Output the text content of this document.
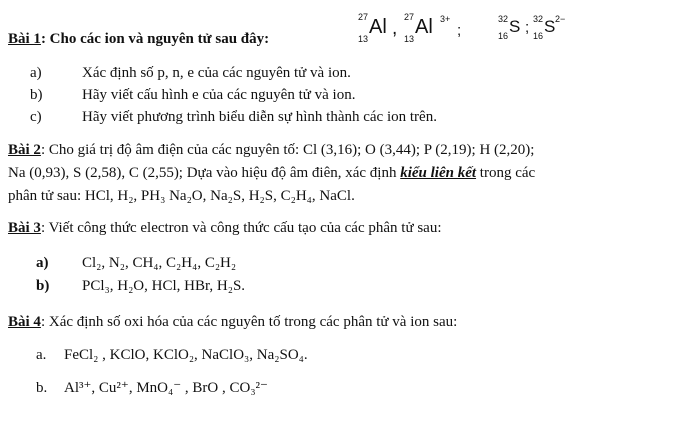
Bài 1: Cho các ion và nguyên tử sau đây:
27
13
Al ,
27
13
Al 3+
;
32
16 S ; 32
16 S 2−
a)	Xác định số p, n, e của các nguyên tử và ion.
b)	Hãy viết cấu hình e của các nguyên tử và ion.
c)	Hãy viết phương trình biểu diễn sự hình thành các ion trên.
Bài 2: Cho giá trị độ âm điện của các nguyên tố: Cl (3,16); O (3,44); P (2,19); H (2,20);
Na (0,93), S (2,58), C (2,55); Dựa vào hiệu độ âm điên, xác định kiểu liên kết trong các
phân tử sau: HCl, H₂, PH₃ Na₂O, Na₂S, H₂S, C₂H₄, NaCl.
Bài 3: Viết công thức electron và công thức cấu tạo của các phân tử sau:
a) Cl₂, N₂, CH₄, C₂H₄, C₂H₂
b) PCl₃, H₂O, HCl, HBr, H₂S.
Bài 4: Xác định số oxi hóa của các nguyên tố trong các phân tử và ion sau:
a. FeCl₂ , KClO, KClO₂, NaClO₃, Na₂SO₄.
b. Al³⁺, Cu²⁺, MnO₄⁻ , BrO , CO₃²⁻
